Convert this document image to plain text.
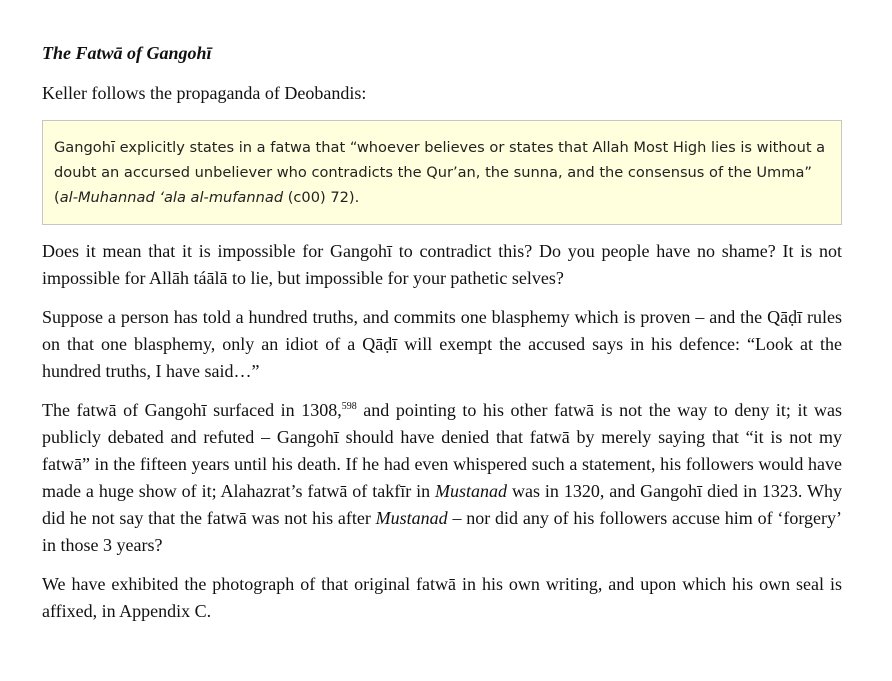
The Fatwā of Gangohī

Keller follows the propaganda of Deobandis:

Gangohī explicitly states in a fatwa that “whoever believes or states that Allah Most High lies is without a doubt an accursed unbeliever who contradicts the Qur’an, the sunna, and the consensus of the Umma” (al-Muhannad ‘ala al-mufannad (c00) 72).

Does it mean that it is impossible for Gangohī to contradict this? Do you people have no shame? It is not impossible for Allāh táālā to lie, but impossible for your pathetic selves?

Suppose a person has told a hundred truths, and commits one blasphemy which is proven – and the Qāḍī rules on that one blasphemy, only an idiot of a Qāḍī will exempt the accused says in his defence: “Look at the hundred truths, I have said…”

The fatwā of Gangohī surfaced in 1308,$^{598}$ and pointing to his other fatwā is not the way to deny it; it was publicly debated and refuted – Gangohī should have denied that fatwā by merely saying that “it is not my fatwā” in the fifteen years until his death. If he had even whispered such a statement, his followers would have made a huge show of it; Alahazrat’s fatwā of takfīr in Mustanad was in 1320, and Gangohī died in 1323. Why did he not say that the fatwā was not his after Mustanad – nor did any of his followers accuse him of ‘forgery’ in those 3 years?

We have exhibited the photograph of that original fatwā in his own writing, and upon which his own seal is affixed, in Appendix C.
